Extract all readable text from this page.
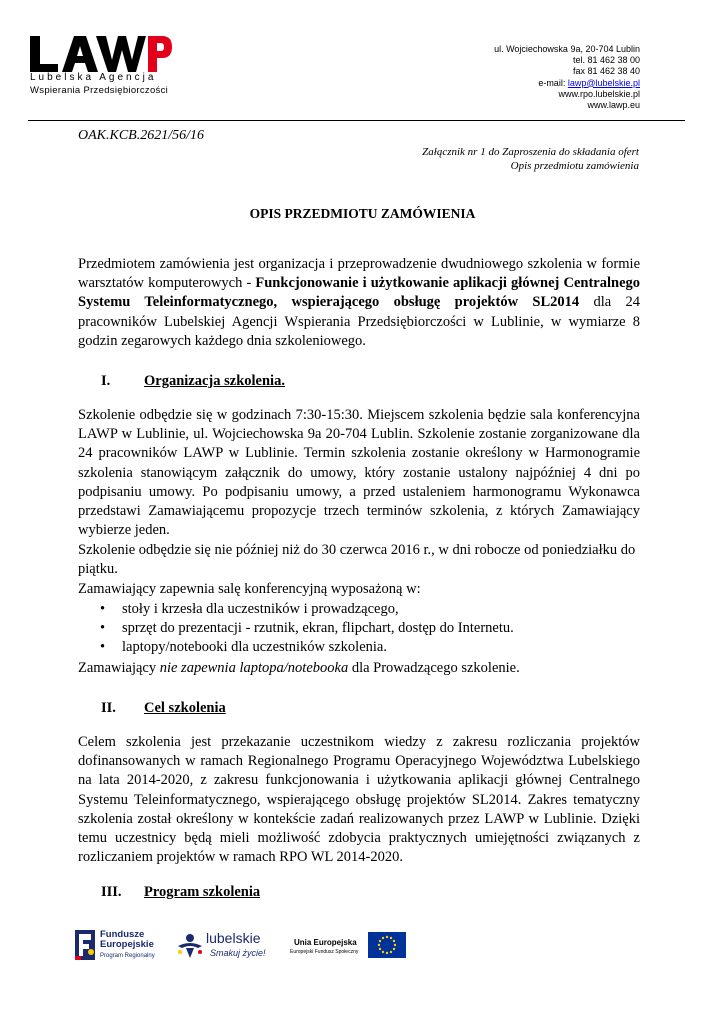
Lubelska Agencja
Wspierania Przedsiębiorczości
ul. Wojciechowska 9a, 20-704 Lublin
tel. 81 462 38 00
fax 81 462 38 40
e-mail: lawp@lubelskie.pl
www.rpo.lubelskie.pl
www.lawp.eu
OAK.KCB.2621/56/16
Załącznik nr 1 do Zaproszenia do składania ofert
Opis przedmiotu zamówienia
OPIS PRZEDMIOTU ZAMÓWIENIA
Przedmiotem zamówienia jest organizacja i przeprowadzenie dwudniowego szkolenia w formie warsztatów komputerowych - Funkcjonowanie i użytkowanie aplikacji głównej Centralnego Systemu Teleinformatycznego, wspierającego obsługę projektów SL2014 dla 24 pracowników Lubelskiej Agencji Wspierania Przedsiębiorczości w Lublinie, w wymiarze 8 godzin zegarowych każdego dnia szkoleniowego.
I. Organizacja szkolenia.
Szkolenie odbędzie się w godzinach 7:30-15:30. Miejscem szkolenia będzie sala konferencyjna LAWP w Lublinie, ul. Wojciechowska 9a 20-704 Lublin. Szkolenie zostanie zorganizowane dla 24 pracowników LAWP w Lublinie. Termin szkolenia zostanie określony w Harmonogramie szkolenia stanowiącym załącznik do umowy, który zostanie ustalony najpóźniej 4 dni po podpisaniu umowy. Po podpisaniu umowy, a przed ustaleniem harmonogramu Wykonawca przedstawi Zamawiającemu propozycje trzech terminów szkolenia, z których Zamawiający wybierze jeden.
Szkolenie odbędzie się nie później niż do 30 czerwca 2016 r., w dni robocze od poniedziałku do piątku.
Zamawiający zapewnia salę konferencyjną wyposażoną w:
• stoły i krzesła dla uczestników i prowadzącego,
• sprzęt do prezentacji - rzutnik, ekran, flipchart, dostęp do Internetu.
• laptopy/notebooki dla uczestników szkolenia.
Zamawiający nie zapewnia laptopa/notebooka dla Prowadzącego szkolenie.
II. Cel szkolenia
Celem szkolenia jest przekazanie uczestnikom wiedzy z zakresu rozliczania projektów dofinansowanych w ramach Regionalnego Programu Operacyjnego Województwa Lubelskiego na lata 2014-2020, z zakresu funkcjonowania i użytkowania aplikacji głównej Centralnego Systemu Teleinformatycznego, wspierającego obsługę projektów SL2014. Zakres tematyczny szkolenia został określony w kontekście zadań realizowanych przez LAWP w Lublinie. Dzięki temu uczestnicy będą mieli możliwość zdobycia praktycznych umiejętności związanych z rozliczaniem projektów w ramach RPO WL 2014-2020.
III. Program szkolenia
Fundusze
Europejskie
Program Regionalny
lubelskie
Smakuj życie!
Unia Europejska
Europejski Fundusz Społeczny
